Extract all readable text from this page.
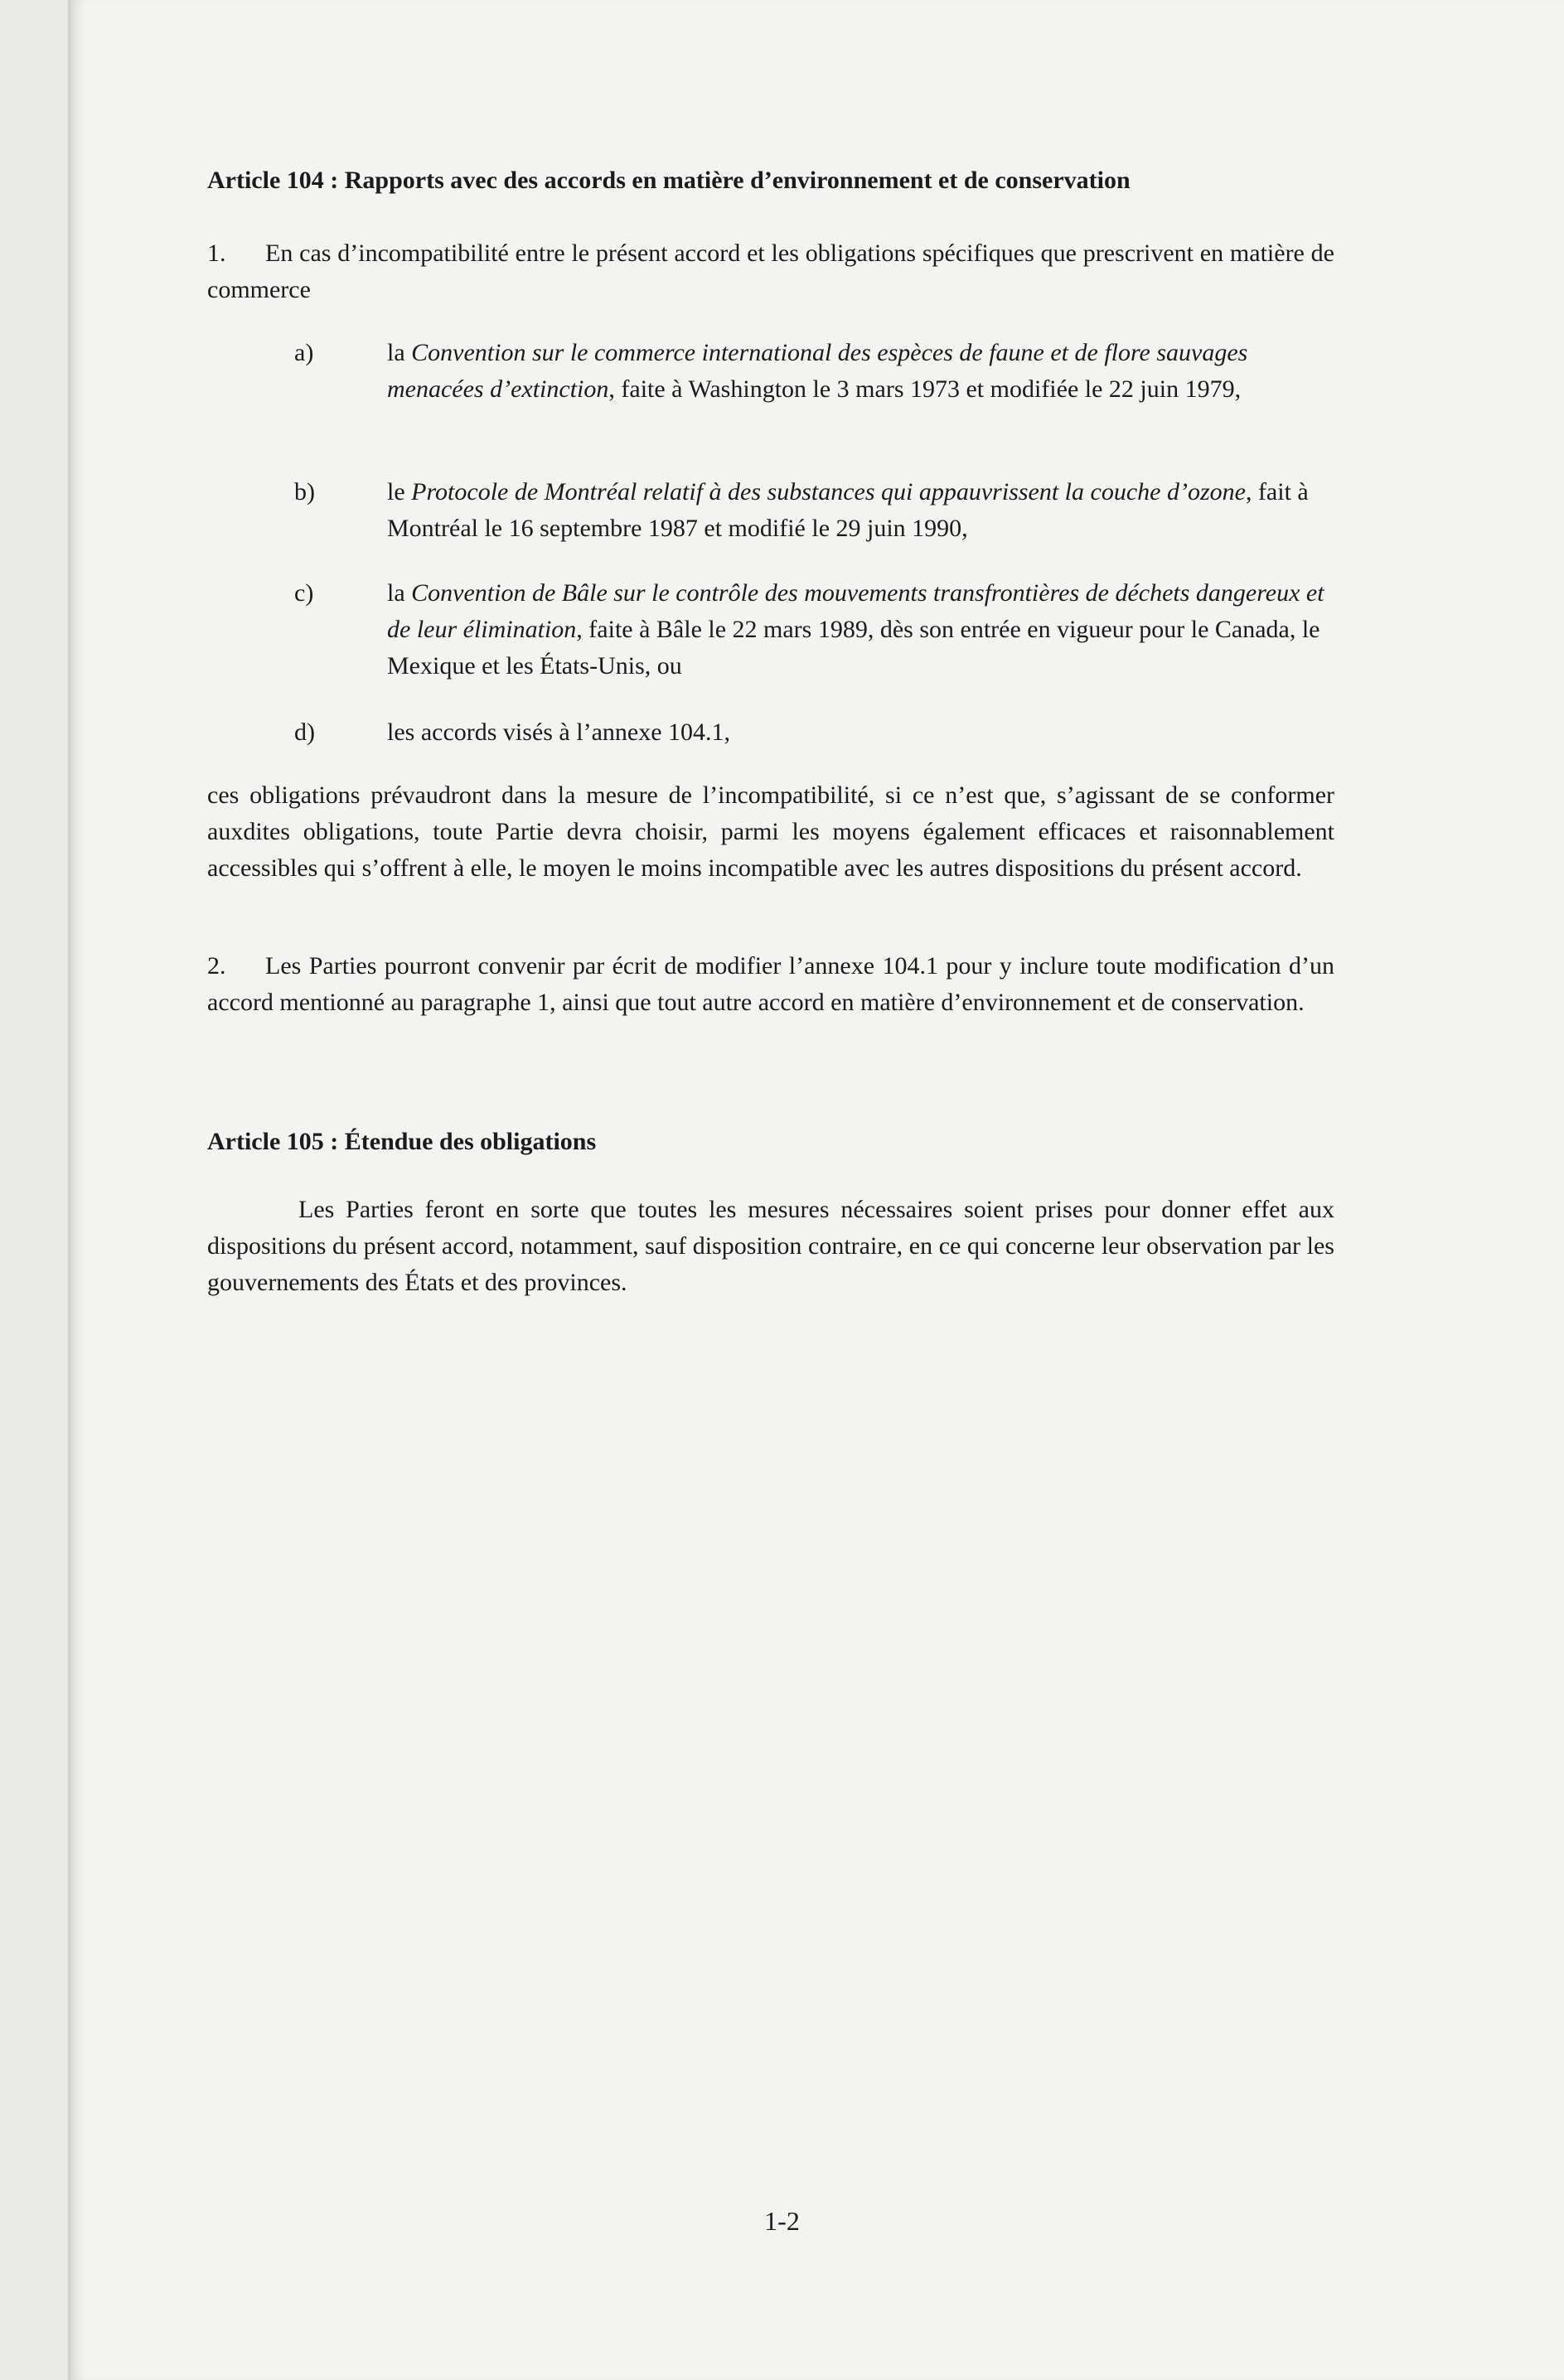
Article 104 : Rapports avec des accords en matière d’environnement et de conservation

1. En cas d’incompatibilité entre le présent accord et les obligations spécifiques que prescrivent en matière de commerce

a)	la Convention sur le commerce international des espèces de faune et de flore sauvages menacées d’extinction, faite à Washington le 3 mars 1973 et modifiée le 22 juin 1979,
b)	le Protocole de Montréal relatif à des substances qui appauvrissent la couche d’ozone, fait à Montréal le 16 septembre 1987 et modifié le 29 juin 1990,
c)	la Convention de Bâle sur le contrôle des mouvements transfrontières de déchets dangereux et de leur élimination, faite à Bâle le 22 mars 1989, dès son entrée en vigueur pour le Canada, le Mexique et les États-Unis, ou
d)	les accords visés à l’annexe 104.1,

ces obligations prévaudront dans la mesure de l’incompatibilité, si ce n’est que, s’agissant de se conformer auxdites obligations, toute Partie devra choisir, parmi les moyens également efficaces et raisonnablement accessibles qui s’offrent à elle, le moyen le moins incompatible avec les autres dispositions du présent accord.

2. Les Parties pourront convenir par écrit de modifier l’annexe 104.1 pour y inclure toute modification d’un accord mentionné au paragraphe 1, ainsi que tout autre accord en matière d’environnement et de conservation.

Article 105 : Étendue des obligations

Les Parties feront en sorte que toutes les mesures nécessaires soient prises pour donner effet aux dispositions du présent accord, notamment, sauf disposition contraire, en ce qui concerne leur observation par les gouvernements des États et des provinces.

1-2
